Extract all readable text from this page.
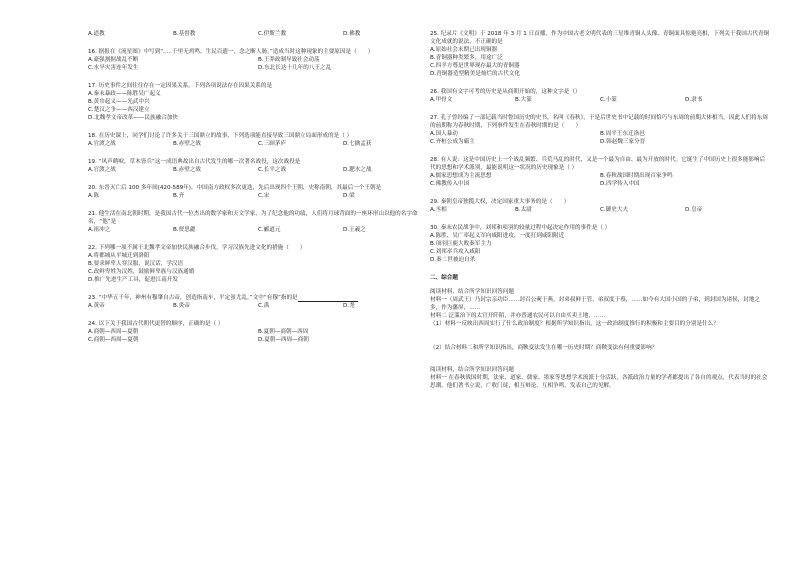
A.道教	B.基督教	C.伊斯兰教	D.佛教
16. 据报在《流星图》中写到“.....千里无鸡鸣，生民百遗一，念之断人肠。”造成当时这种现象的主要原因是（　　）
A.豪强割据战乱不断	B.王莽政制导致社会动荡
C.水旱灾害连年发生	D.东北长达十几年的八王之乱
17. 历史事件之间往往存在一定因果关系，下列各项说法存在因果关系的是
A.秦末暴政——陈胜吴广起义
B.黄巾起义——光武中兴
C.楚汉之争——西汉建立
D.北魏孝文帝改革——民族融合加快
18. 在历史课上，同学们讨论了许多关于三国鼎立的故事，下列选项能直接导致三国鼎立局面形成的是（ ）
A.官渡之战	B.赤壁之战	C.三顾茅庐	D.七擒孟获
19. “风声鹤唳，草木皆兵”这一成语典故出自古代发生的哪一次著名战役，这次战役是
A.官渡之战	B.赤壁之战	C.长平之战	D.淝水之战
20. 东晋灭亡后 100 多年间(420-589年)，中国南方政权多次更迭，先后出现四个王朝，史称南朝，其最后一个王朝是
A.陈	B.齐	C.宋	D.梁
21. 他生活在南北朝时期，是我国古代一位杰出的数学家和天文学家，为了纪念他的功绩，人们将月球背面的一座环形山以他的名字命名，“他”是
A.祖冲之	B.贾思勰	C.郦道元	D.王羲之
22. 下列哪一项不属于北魏孝文帝加快民族融合步伐，学习汉族先进文化的措施（　　）
A.将都城从平城迁到洛阳
B.要求鲜卑人穿汉服，说汉话，学汉语
C.改鲜卑姓为汉姓，鼓励鲜卑族与汉族通婚
D.推广先进生产工具，促进江南开发
23. “中华五千年，神州有穆肇自古帝，创造指南车，平定蚩尤乱。”文中“有穆”指的是
A.黄帝	B.炎帝	C.禹	D.尧
24. 以下关于我国古代朝代更替的顺序，正确的是（ ）
A.商朝—西周—夏朝	B.夏朝—商朝—西周
C.商朝—西周—夏朝	D.夏朝—西周—商朝
25. 纪录片《文明》于 2018 年 3 月 1 日首播，作为中国古老文明代表的三星堆青铜人头像、青铜面具惊艳亮相，下列关于我国古代青铜文化成就的说法，不正确的是
A.原始社会末期已出现铜器
B.青铜器种类繁多，用途广泛
C.四羊方尊是世界现存最大的青铜器
D.青铜器造型精美是灿烂的古代文化
26. 我国有文字可考的历史是从商朝开始的，这种文字是（）
A.甲骨文	B.大篆	C.小篆	D.隶书
27. 孔子曾经编了一部记载当时鲁国历史的史书，名叫《春秋》，于是后世史书中记载的时间恰巧与东周的前期大体相当，因此人们将东周的前期称为春秋时期，下列事件发生在春秋时期的是（　　）
A.国人暴动	B.周平王东迁洛邑
C.齐桓公成为霸主	D.韩赵魏三家分晋
28. 有人说：这是中国历史上一个战乱频繁、兵荒马乱的时代，又是一个最为自由、最为开放的时代。它诞生了中国历史上很多能影响后代的思想和学术派别，最能说明这一状况的历史现象是（ ）
A.儒家思想成为主流思想	B.春秋战国时期出现百家争鸣
C.佛教传入中国	D.四学传入中国
29. 秦朝皇帝独揽大权，决定国家重大事务的是（　　）
A.丞相	B.太尉	C.御史大夫	D.皇帝
30. 秦末农民战争中，刘邦和项羽的较量过程中起决定作用的事件是（ ）
A.陈胜、吴广率起义军向咸阳进攻，一度打到咸阳附近
B.项羽巨鹿大败秦军主力
C.刘邦率兵攻入咸阳
D.秦二世被迫自杀
二、综合题
阅读材料，结合所学知识回答问题
材料一（周武王）乃封宗亲功臣……封召公奭于燕。封弟叔鲜于管，弟叔度于蔡，……如今有大国小国的子弟，到封国为诸侯，封地之多，作为藩屏，……
材料二 泛滥治下的太官开阡陌，并亦普通农民可以自由买卖土地，……
（1）材料一反映出西周实行了什么政治制度？根据所学知识指出，这一政治制度推行的积极和主要目的分别是什么？
（2）结合材料二和所学知识指出，商鞅变法发生在哪一历史时期？商鞅变法有何重要影响？
阅读材料，结合所学知识回答问题
材料一 在春秋战国时期，法家、道家、儒家、墨家等思想学术流派十分活跃，各派政治力量的学者都提出了各自的观点，代表当时的社会思潮。他们著书立说，广收门徒，相互辩论，互相争鸣，发表自己的见解。
